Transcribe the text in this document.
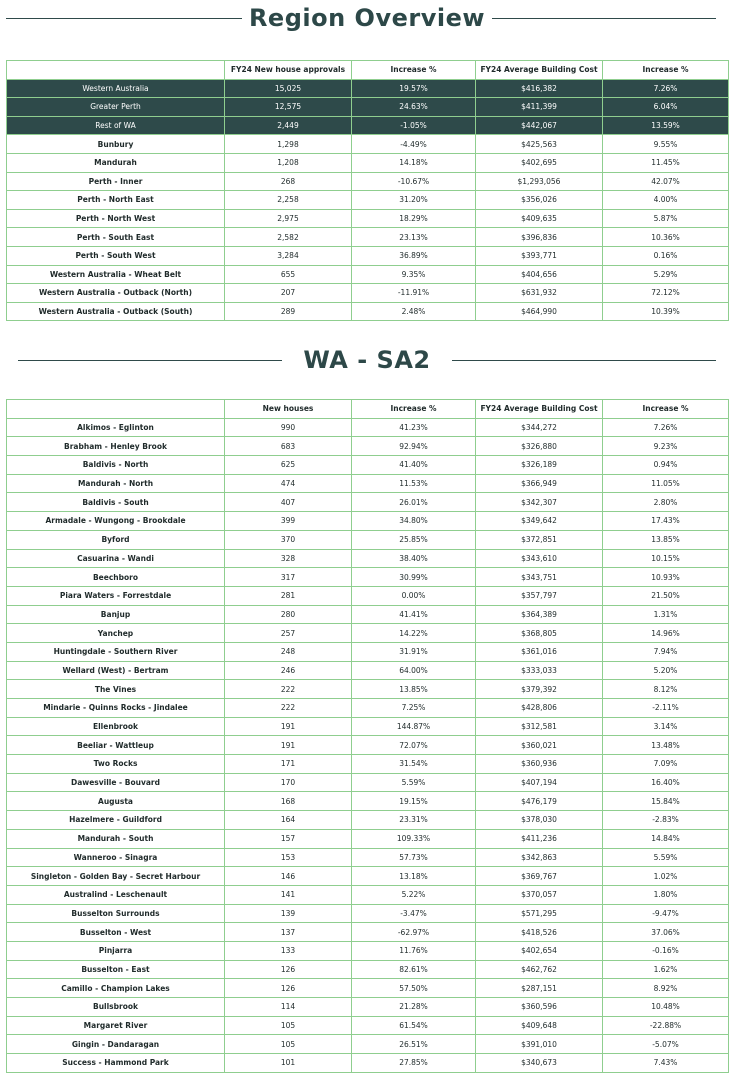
Region Overview
	FY24 New house approvals	Increase %	FY24 Average Building Cost	Increase %
Western Australia	15,025	19.57%	$416,382	7.26%
Greater Perth	12,575	24.63%	$411,399	6.04%
Rest of WA	2,449	-1.05%	$442,067	13.59%
Bunbury	1,298	-4.49%	$425,563	9.55%
Mandurah	1,208	14.18%	$402,695	11.45%
Perth - Inner	268	-10.67%	$1,293,056	42.07%
Perth - North East	2,258	31.20%	$356,026	4.00%
Perth - North West	2,975	18.29%	$409,635	5.87%
Perth - South East	2,582	23.13%	$396,836	10.36%
Perth - South West	3,284	36.89%	$393,771	0.16%
Western Australia - Wheat Belt	655	9.35%	$404,656	5.29%
Western Australia - Outback (North)	207	-11.91%	$631,932	72.12%
Western Australia - Outback (South)	289	2.48%	$464,990	10.39%
WA - SA2
	New houses	Increase %	FY24 Average Building Cost	Increase %
Alkimos - Eglinton	990	41.23%	$344,272	7.26%
Brabham - Henley Brook	683	92.94%	$326,880	9.23%
Baldivis - North	625	41.40%	$326,189	0.94%
Mandurah - North	474	11.53%	$366,949	11.05%
Baldivis - South	407	26.01%	$342,307	2.80%
Armadale - Wungong - Brookdale	399	34.80%	$349,642	17.43%
Byford	370	25.85%	$372,851	13.85%
Casuarina - Wandi	328	38.40%	$343,610	10.15%
Beechboro	317	30.99%	$343,751	10.93%
Piara Waters - Forrestdale	281	0.00%	$357,797	21.50%
Banjup	280	41.41%	$364,389	1.31%
Yanchep	257	14.22%	$368,805	14.96%
Huntingdale - Southern River	248	31.91%	$361,016	7.94%
Wellard (West) - Bertram	246	64.00%	$333,033	5.20%
The Vines	222	13.85%	$379,392	8.12%
Mindarie - Quinns Rocks - Jindalee	222	7.25%	$428,806	-2.11%
Ellenbrook	191	144.87%	$312,581	3.14%
Beeliar - Wattleup	191	72.07%	$360,021	13.48%
Two Rocks	171	31.54%	$360,936	7.09%
Dawesville - Bouvard	170	5.59%	$407,194	16.40%
Augusta	168	19.15%	$476,179	15.84%
Hazelmere - Guildford	164	23.31%	$378,030	-2.83%
Mandurah - South	157	109.33%	$411,236	14.84%
Wanneroo - Sinagra	153	57.73%	$342,863	5.59%
Singleton - Golden Bay - Secret Harbour	146	13.18%	$369,767	1.02%
Australind - Leschenault	141	5.22%	$370,057	1.80%
Busselton Surrounds	139	-3.47%	$571,295	-9.47%
Busselton - West	137	-62.97%	$418,526	37.06%
Pinjarra	133	11.76%	$402,654	-0.16%
Busselton - East	126	82.61%	$462,762	1.62%
Camillo - Champion Lakes	126	57.50%	$287,151	8.92%
Bullsbrook	114	21.28%	$360,596	10.48%
Margaret River	105	61.54%	$409,648	-22.88%
Gingin - Dandaragan	105	26.51%	$391,010	-5.07%
Success - Hammond Park	101	27.85%	$340,673	7.43%
